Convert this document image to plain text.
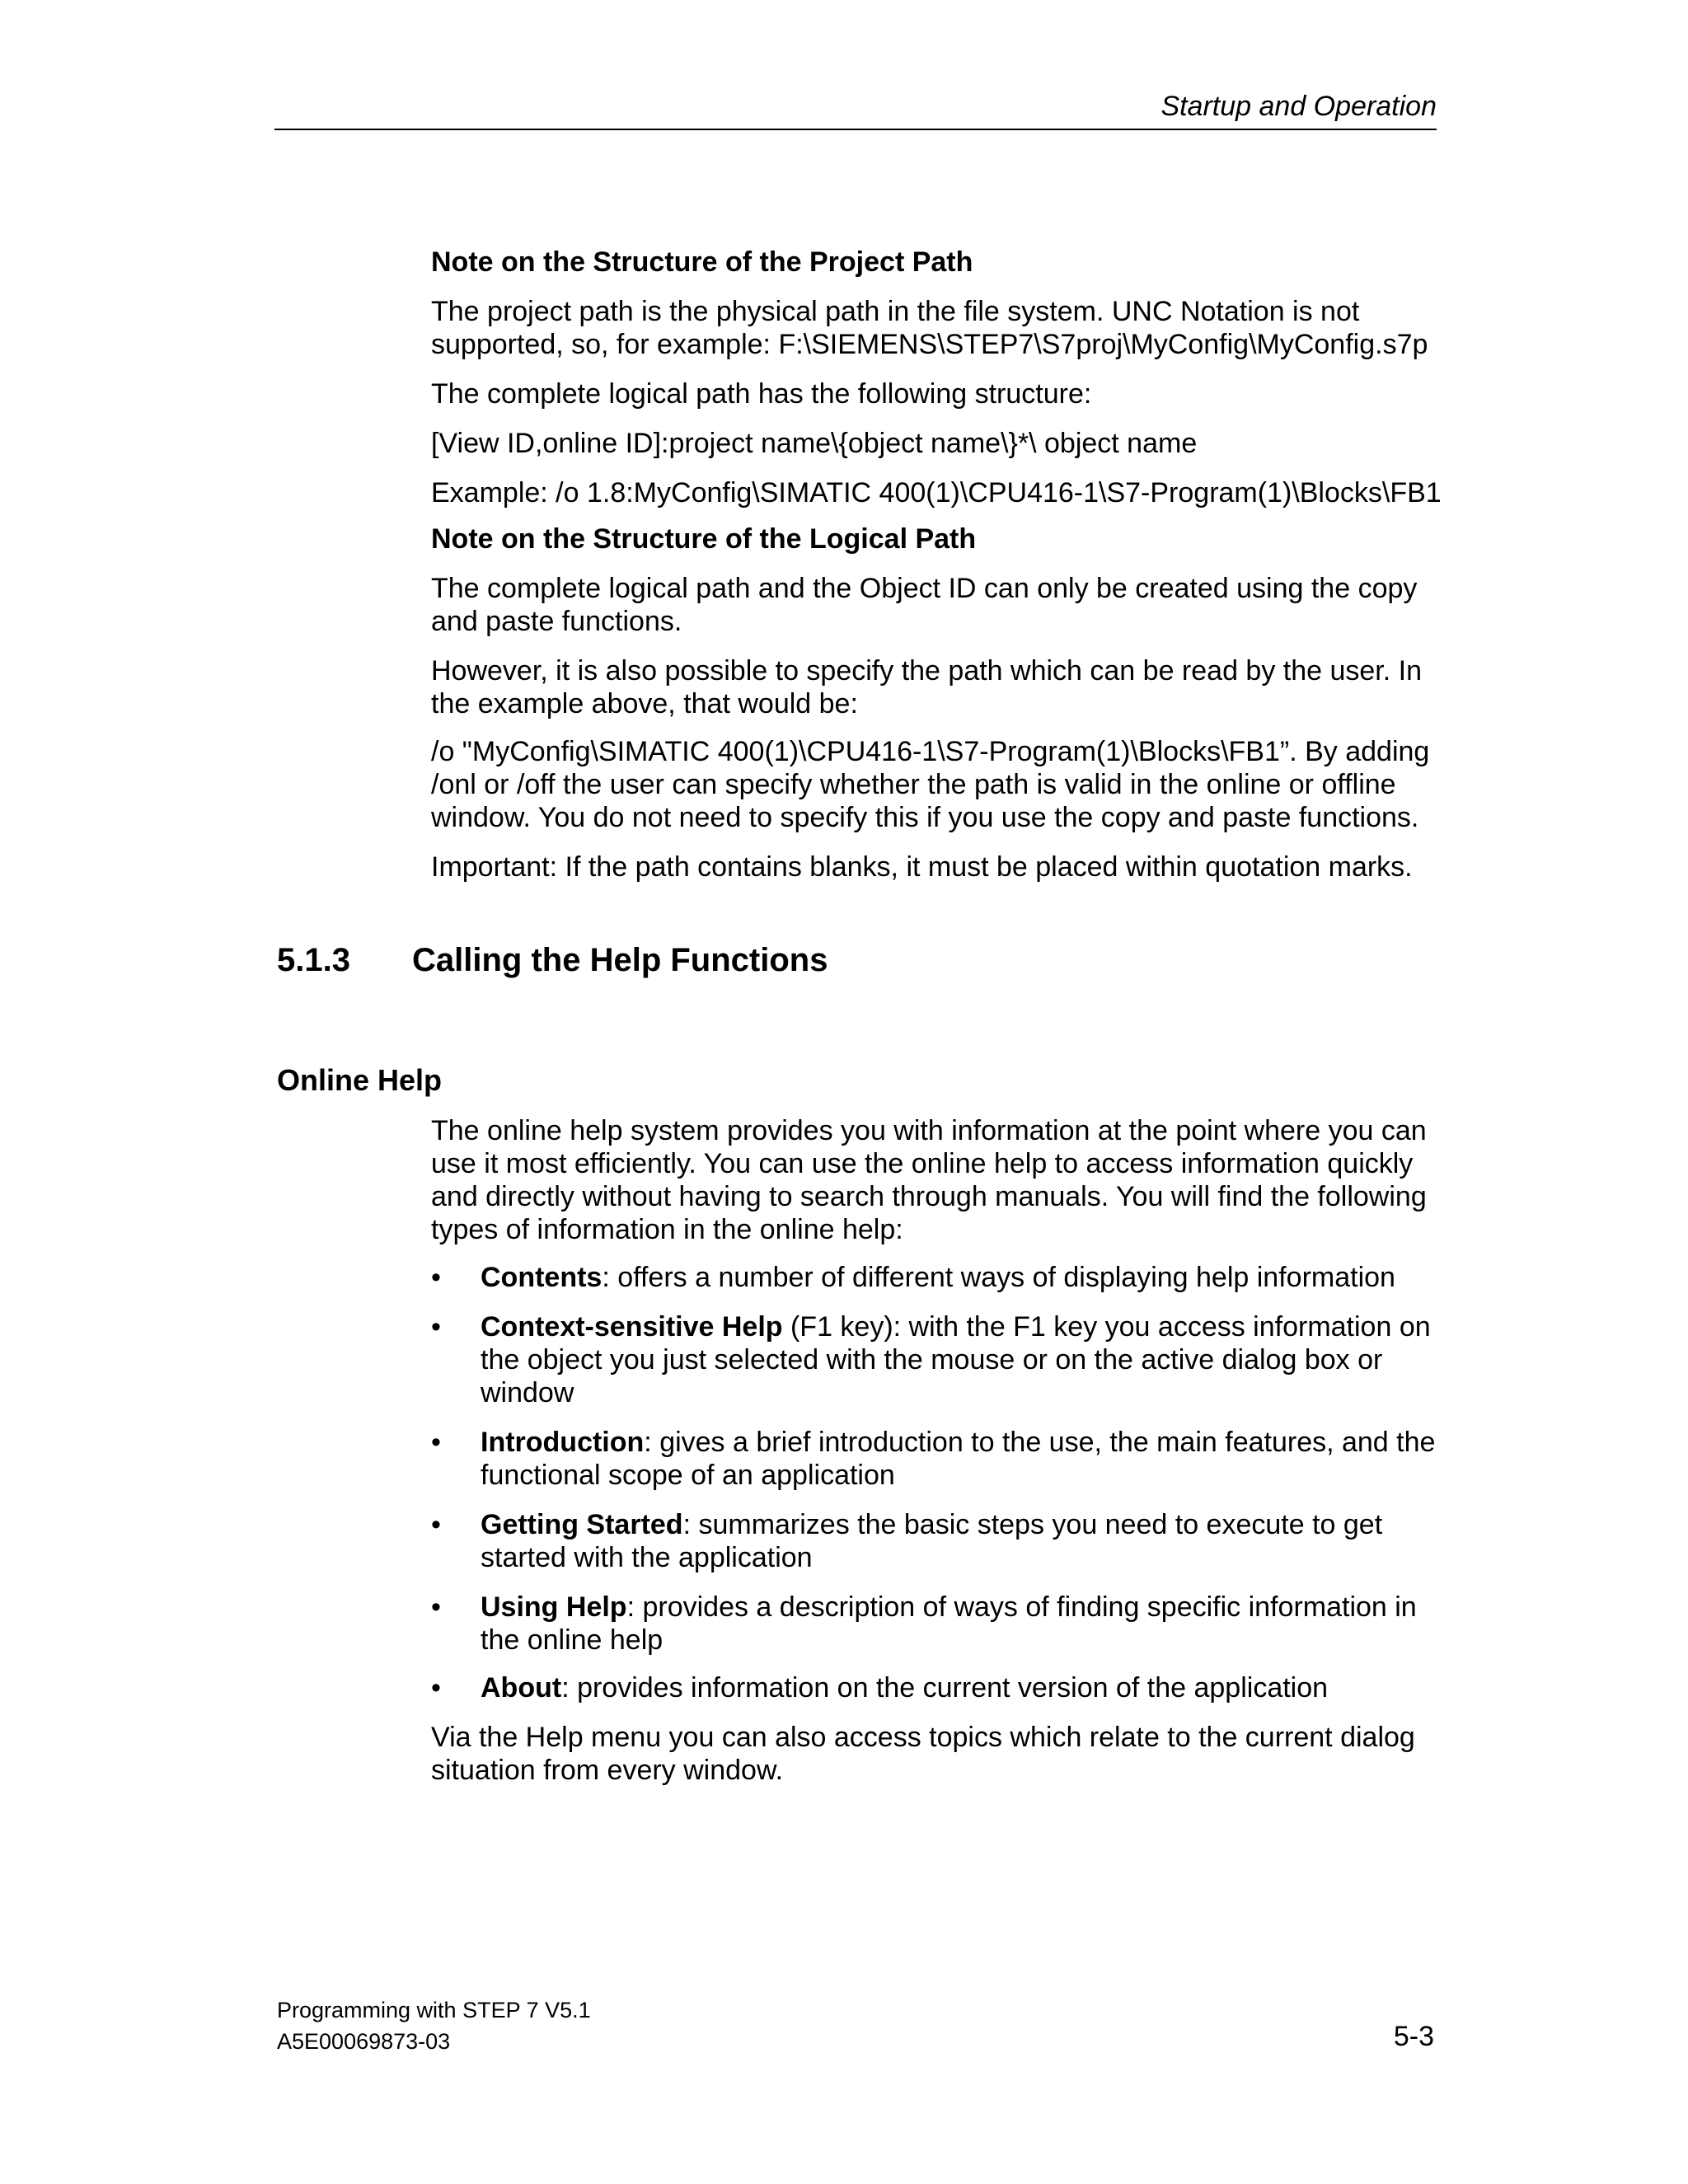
Startup and Operation

Note on the Structure of the Project Path

The project path is the physical path in the file system. UNC Notation is not supported, so, for example: F:\SIEMENS\STEP7\S7proj\MyConfig\MyConfig.s7p

The complete logical path has the following structure:

[View ID,online ID]:project name\{object name\}*\ object name

Example: /o 1.8:MyConfig\SIMATIC 400(1)\CPU416-1\S7-Program(1)\Blocks\FB1

Note on the Structure of the Logical Path

The complete logical path and the Object ID can only be created using the copy and paste functions.

However, it is also possible to specify the path which can be read by the user. In the example above, that would be:

/o "MyConfig\SIMATIC 400(1)\CPU416-1\S7-Program(1)\Blocks\FB1”. By adding /onl or /off the user can specify whether the path is valid in the online or offline window. You do not need to specify this if you use the copy and paste functions.

Important: If the path contains blanks, it must be placed within quotation marks.

5.1.3 Calling the Help Functions
Online Help

The online help system provides you with information at the point where you can use it most efficiently. You can use the online help to access information quickly and directly without having to search through manuals. You will find the following types of information in the online help:

•	Contents: offers a number of different ways of displaying help information
•	Context-sensitive Help (F1 key): with the F1 key you access information on the object you just selected with the mouse or on the active dialog box or window
•	Introduction: gives a brief introduction to the use, the main features, and the functional scope of an application
•	Getting Started: summarizes the basic steps you need to execute to get started with the application
•	Using Help: provides a description of ways of finding specific information in the online help
•	About: provides information on the current version of the application

Via the Help menu you can also access topics which relate to the current dialog situation from every window.

Programming with STEP 7 V5.1
A5E00069873-03	5-3
